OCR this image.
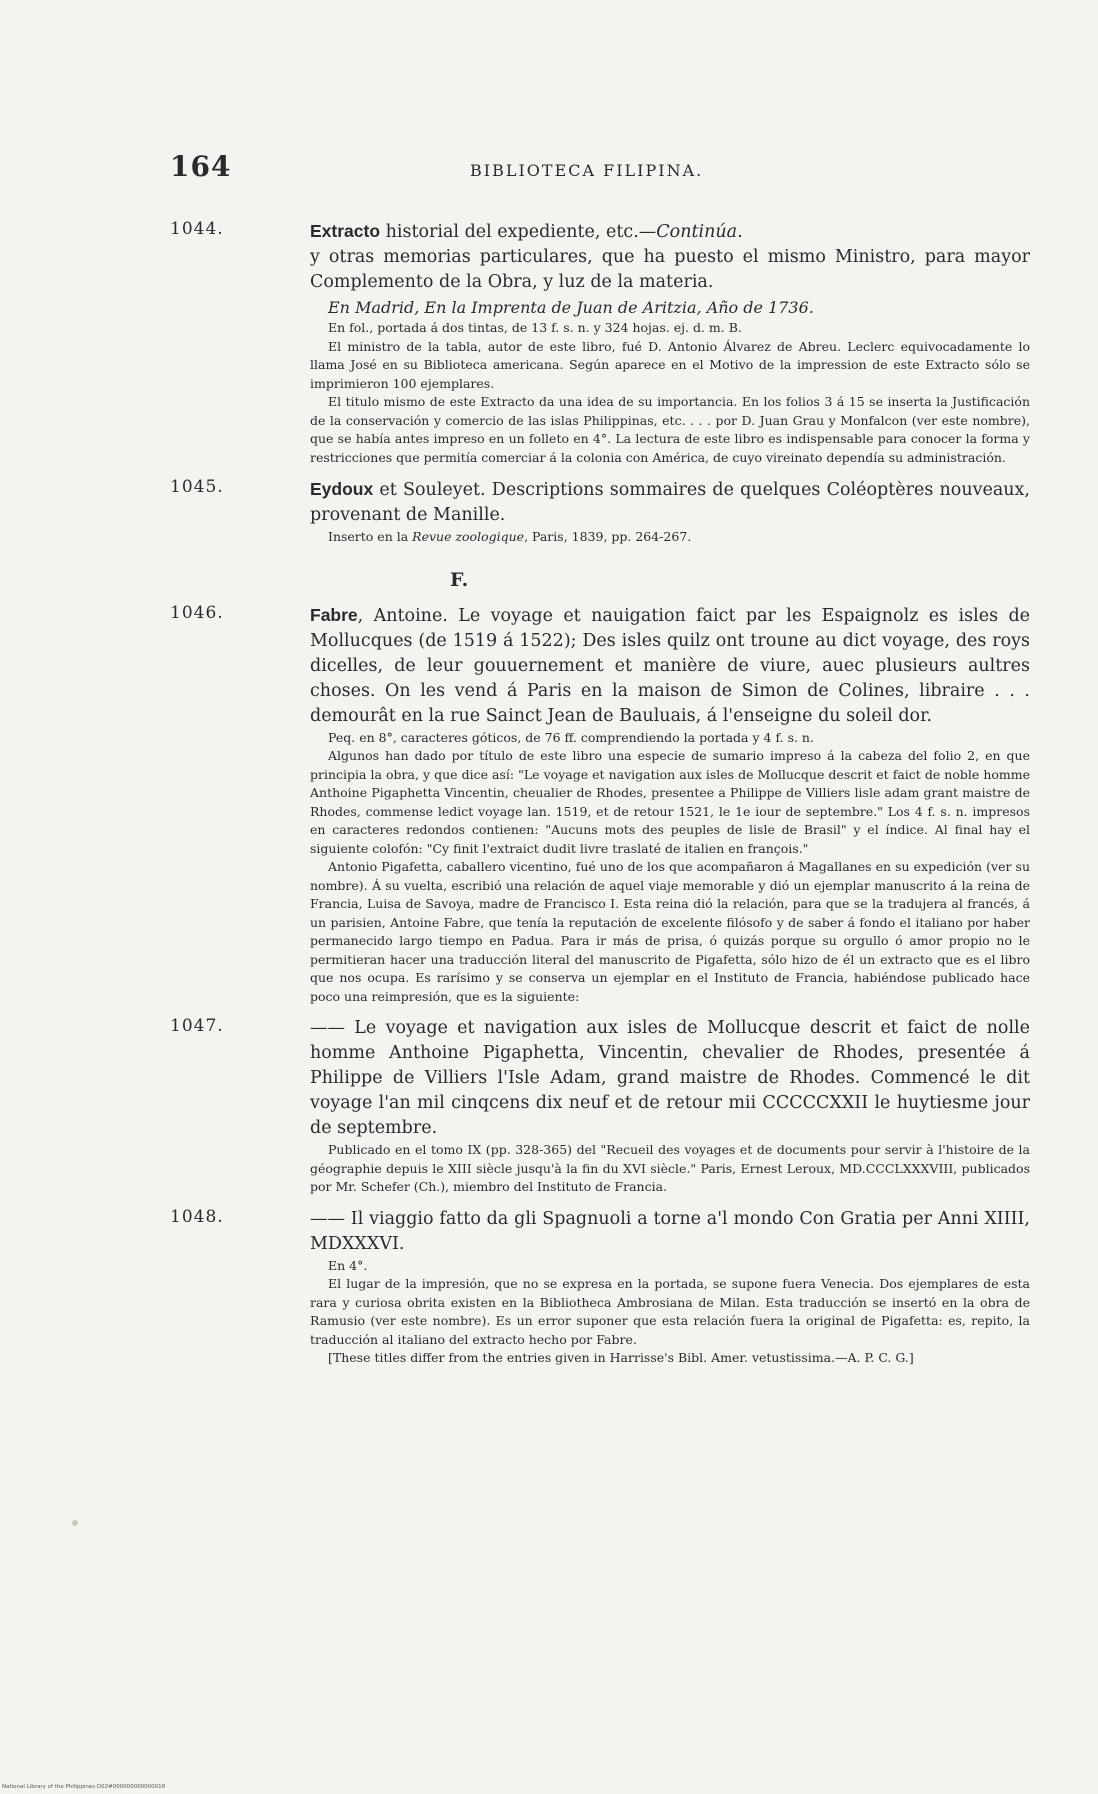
164	BIBLIOTECA FILIPINA.
1044.	Extracto historial del expediente, etc.—Continúa.
y otras memorias particulares, que ha puesto el mismo Ministro, para mayor Complemento de la Obra, y luz de la materia.

En Madrid, En la Imprenta de Juan de Aritzia, Año de 1736.

En fol., portada á dos tintas, de 13 f. s. n. y 324 hojas. ej. d. m. B.

El ministro de la tabla, autor de este libro, fué D. Antonio Álvarez de Abreu. Leclerc equivocadamente lo llama José en su Biblioteca americana. Según aparece en el Motivo de la impression de este Extracto sólo se imprimieron 100 ejemplares.

El titulo mismo de este Extracto da una idea de su importancia. En los folios 3 á 15 se inserta la Justificación de la conservación y comercio de las islas Philippinas, etc. . . . por D. Juan Grau y Monfalcon (ver este nombre), que se había antes impreso en un folleto en 4°. La lectura de este libro es indispensable para conocer la forma y restricciones que permitía comerciar á la colonia con América, de cuyo vireinato dependía su administración.

1045.	Eydoux et Souleyet. Descriptions sommaires de quelques Coléoptères nouveaux, provenant de Manille.

Inserto en la Revue zoologique, Paris, 1839, pp. 264-267.

F.
1046.	Fabre, Antoine. Le voyage et nauigation faict par les Espaignolz es isles de Mollucques (de 1519 á 1522); Des isles quilz ont troune au dict voyage, des roys dicelles, de leur gouuernement et manière de viure, auec plusieurs aultres choses. On les vend á Paris en la maison de Simon de Colines, libraire . . . demourât en la rue Sainct Jean de Bauluais, á l'enseigne du soleil dor.

Peq. en 8°, caracteres góticos, de 76 ff. comprendiendo la portada y 4 f. s. n.

Algunos han dado por título de este libro una especie de sumario impreso á la cabeza del folio 2, en que principia la obra, y que dice así: "Le voyage et navigation aux isles de Mollucque descrit et faict de noble homme Anthoine Pigaphetta Vincentin, cheualier de Rhodes, presentee a Philippe de Villiers lisle adam grant maistre de Rhodes, commense ledict voyage lan. 1519, et de retour 1521, le 1e iour de septembre." Los 4 f. s. n. impresos en caracteres redondos contienen: "Aucuns mots des peuples de lisle de Brasil" y el índice. Al final hay el siguiente colofón: "Cy finit l'extraict dudit livre traslaté de italien en françois."

Antonio Pigafetta, caballero vicentino, fué uno de los que acompañaron á Magallanes en su expedición (ver su nombre). Á su vuelta, escribió una relación de aquel viaje memorable y dió un ejemplar manuscrito á la reina de Francia, Luisa de Savoya, madre de Francisco I. Esta reina dió la relación, para que se la tradujera al francés, á un parisien, Antoine Fabre, que tenía la reputación de excelente filósofo y de saber á fondo el italiano por haber permanecido largo tiempo en Padua. Para ir más de prisa, ó quizás porque su orgullo ó amor propio no le permitieran hacer una traducción literal del manuscrito de Pigafetta, sólo hizo de él un extracto que es el libro que nos ocupa. Es rarísimo y se conserva un ejemplar en el Instituto de Francia, habiéndose publicado hace poco una reimpresión, que es la siguiente:

1047.	—— Le voyage et navigation aux isles de Mollucque descrit et faict de nolle homme Anthoine Pigaphetta, Vincentin, chevalier de Rhodes, presentée á Philippe de Villiers l'Isle Adam, grand maistre de Rhodes. Commencé le dit voyage l'an mil cinqcens dix neuf et de retour mii CCCCCXXII le huytiesme jour de septembre.

Publicado en el tomo IX (pp. 328-365) del "Recueil des voyages et de documents pour servir à l'histoire de la géographie depuis le XIII siècle jusqu'à la fin du XVI siècle." Paris, Ernest Leroux, MD.CCCLXXXVIII, publicados por Mr. Schefer (Ch.), miembro del Instituto de Francia.

1048.	—— Il viaggio fatto da gli Spagnuoli a torne a'l mondo Con Gratia per Anni XIIII, MDXXXVI.

En 4°.

El lugar de la impresión, que no se expresa en la portada, se supone fuera Venecia. Dos ejemplares de esta rara y curiosa obrita existen en la Bibliotheca Ambrosiana de Milan. Esta traducción se insertó en la obra de Ramusio (ver este nombre). Es un error suponer que esta relación fuera la original de Pigafetta: es, repito, la traducción al italiano del extracto hecho por Fabre.

[These titles differ from the entries given in Harrisse's Bibl. Amer. vetustissima.—A. P. C. G.]

National Library of the Philippines D02#000000000000018
